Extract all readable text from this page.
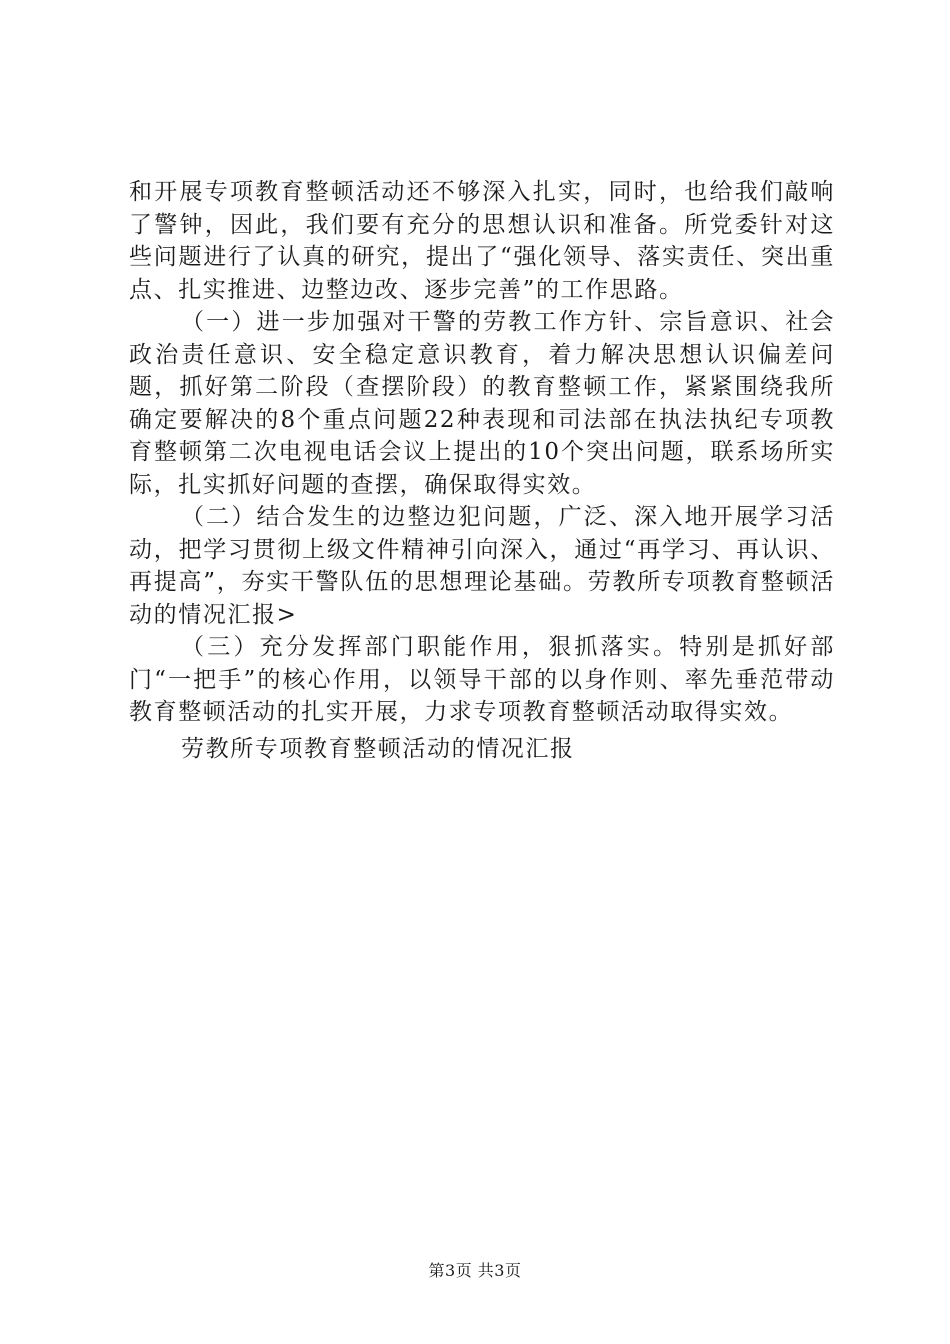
和开展专项教育整顿活动还不够深入扎实，同时，也给我们敲响了警钟，因此，我们要有充分的思想认识和准备。所党委针对这些问题进行了认真的研究，提出了“强化领导、落实责任、突出重点、扎实推进、边整边改、逐步完善”的工作思路。

（一）进一步加强对干警的劳教工作方针、宗旨意识、社会政治责任意识、安全稳定意识教育，着力解决思想认识偏差问题，抓好第二阶段（查摆阶段）的教育整顿工作，紧紧围绕我所确定要解决的8个重点问题22种表现和司法部在执法执纪专项教育整顿第二次电视电话会议上提出的10个突出问题，联系场所实际，扎实抓好问题的查摆，确保取得实效。

（二）结合发生的边整边犯问题，广泛、深入地开展学习活动，把学习贯彻上级文件精神引向深入，通过“再学习、再认识、再提高”，夯实干警队伍的思想理论基础。劳教所专项教育整顿活动的情况汇报>

（三）充分发挥部门职能作用，狠抓落实。特别是抓好部门“一把手”的核心作用，以领导干部的以身作则、率先垂范带动教育整顿活动的扎实开展，力求专项教育整顿活动取得实效。

劳教所专项教育整顿活动的情况汇报

第3页 共3页
